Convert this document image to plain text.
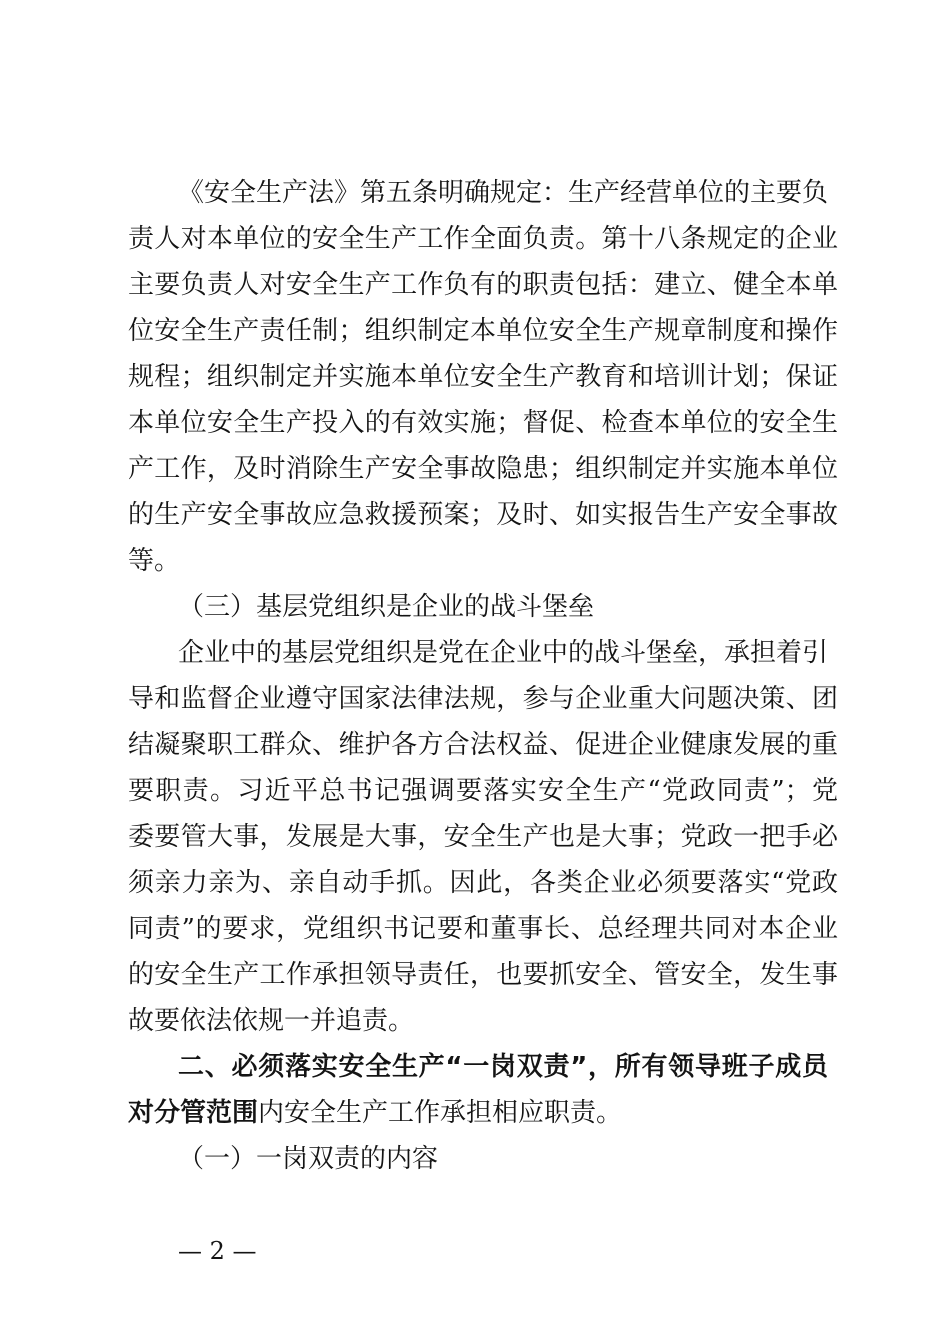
《安全生产法》第五条明确规定：生产经营单位的主要负
责人对本单位的安全生产工作全面负责。第十八条规定的企业
主要负责人对安全生产工作负有的职责包括：建立、健全本单
位安全生产责任制；组织制定本单位安全生产规章制度和操作
规程；组织制定并实施本单位安全生产教育和培训计划；保证
本单位安全生产投入的有效实施；督促、检查本单位的安全生
产工作，及时消除生产安全事故隐患；组织制定并实施本单位
的生产安全事故应急救援预案；及时、如实报告生产安全事故
等。
（三）基层党组织是企业的战斗堡垒
企业中的基层党组织是党在企业中的战斗堡垒，承担着引
导和监督企业遵守国家法律法规，参与企业重大问题决策、团
结凝聚职工群众、维护各方合法权益、促进企业健康发展的重
要职责。习近平总书记强调要落实安全生产“党政同责”；党
委要管大事，发展是大事，安全生产也是大事；党政一把手必
须亲力亲为、亲自动手抓。因此，各类企业必须要落实“党政
同责”的要求，党组织书记要和董事长、总经理共同对本企业
的安全生产工作承担领导责任，也要抓安全、管安全，发生事
故要依法依规一并追责。
二、必须落实安全生产“一岗双责”，所有领导班子成员
对分管范围内安全生产工作承担相应职责。
（一）一岗双责的内容
— 2 —
